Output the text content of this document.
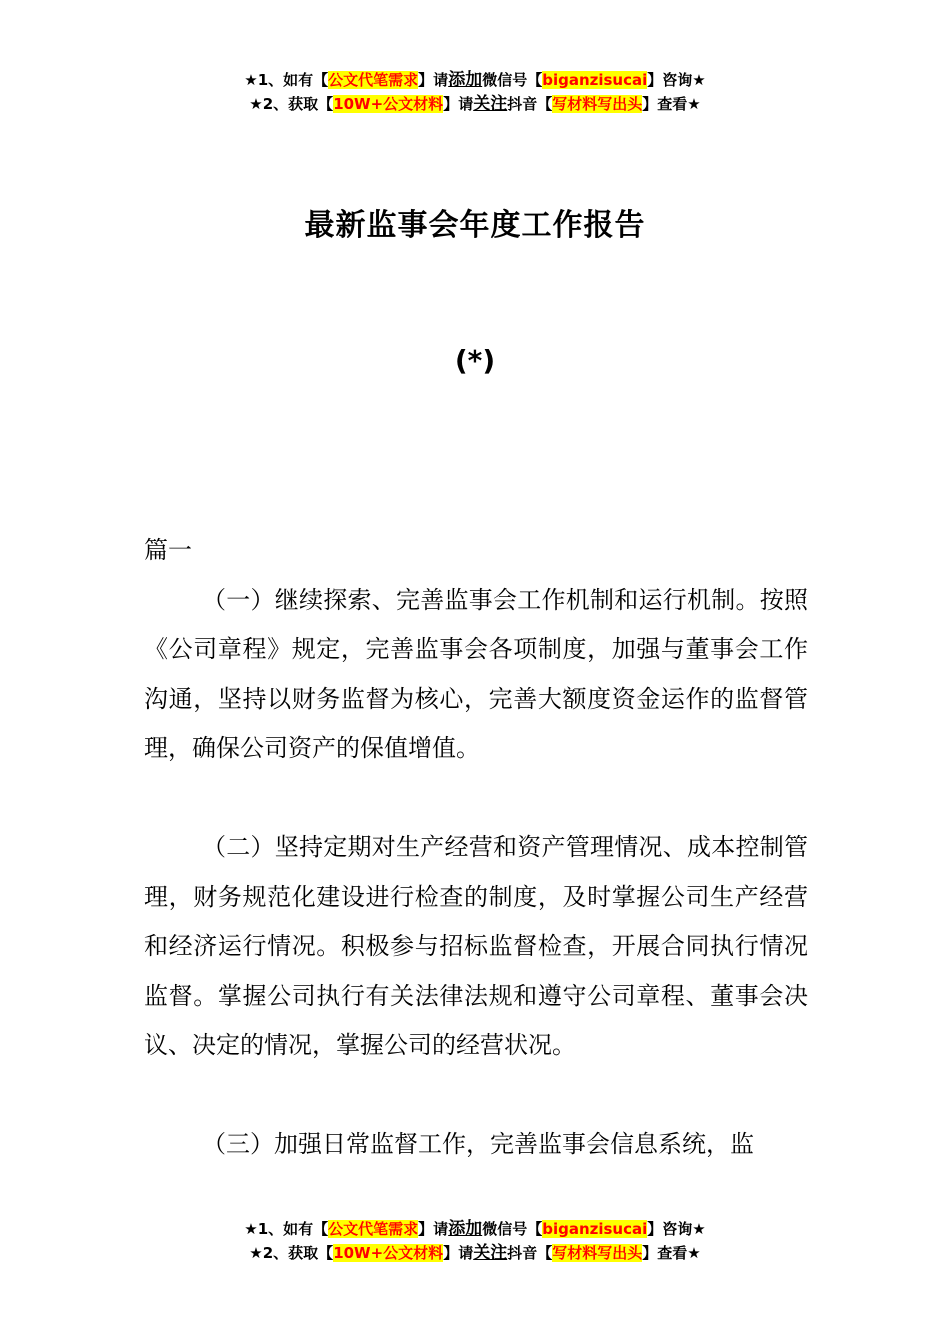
★1、如有【公文代笔需求】请添加微信号【biganzisucai】咨询★
★2、获取【10W+公文材料】请关注抖音【写材料写出头】查看★
最新监事会年度工作报告
(*)

篇一

（一）继续探索、完善监事会工作机制和运行机制。按照《公司章程》规定，完善监事会各项制度，加强与董事会工作沟通，坚持以财务监督为核心，完善大额度资金运作的监督管理，确保公司资产的保值增值。

（二）坚持定期对生产经营和资产管理情况、成本控制管理，财务规范化建设进行检查的制度，及时掌握公司生产经营和经济运行情况。积极参与招标监督检查，开展合同执行情况监督。掌握公司执行有关法律法规和遵守公司章程、董事会决议、决定的情况，掌握公司的经营状况。

（三）加强日常监督工作，完善监事会信息系统，监

★1、如有【公文代笔需求】请添加微信号【biganzisucai】咨询★
★2、获取【10W+公文材料】请关注抖音【写材料写出头】查看★
